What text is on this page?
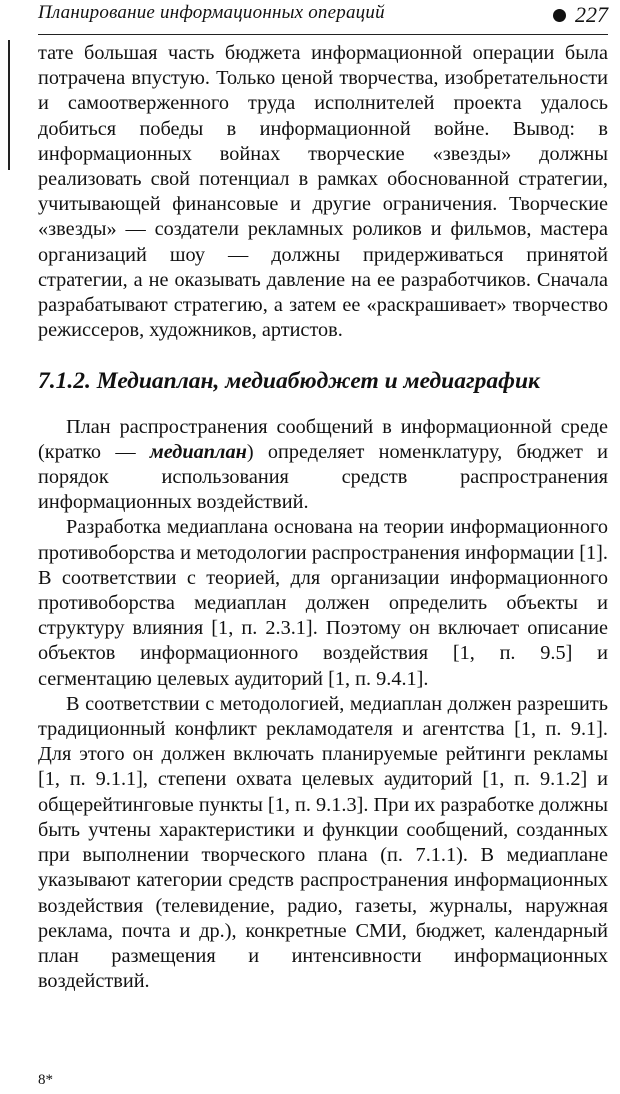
Планирование информационных операций	227

тате большая часть бюджета информационной операции была потрачена впустую. Только ценой творчества, изобретательности и самоотверженного труда исполнителей проекта удалось добиться победы в информационной войне. Вывод: в информационных войнах творческие «звезды» должны реализовать свой потенциал в рамках обоснованной стратегии, учитывающей финансовые и другие ограничения. Творческие «звезды» — создатели рекламных роликов и фильмов, мастера организаций шоу — должны придерживаться принятой стратегии, а не оказывать давление на ее разработчиков. Сначала разрабатывают стратегию, а затем ее «раскрашивает» творчество режиссеров, художников, артистов.

7.1.2. Медиаплан, медиабюджет и медиаграфик

План распространения сообщений в информационной среде (кратко — медиаплан) определяет номенклатуру, бюджет и порядок использования средств распространения информационных воздействий.

Разработка медиаплана основана на теории информационного противоборства и методологии распространения информации [1]. В соответствии с теорией, для организации информационного противоборства медиаплан должен определить объекты и структуру влияния [1, п. 2.3.1]. Поэтому он включает описание объектов информационного воздействия [1, п. 9.5] и сегментацию целевых аудиторий [1, п. 9.4.1].

В соответствии с методологией, медиаплан должен разрешить традиционный конфликт рекламодателя и агентства [1, п. 9.1]. Для этого он должен включать планируемые рейтинги рекламы [1, п. 9.1.1], степени охвата целевых аудиторий [1, п. 9.1.2] и общерейтинговые пункты [1, п. 9.1.3]. При их разработке должны быть учтены характеристики и функции сообщений, созданных при выполнении творческого плана (п. 7.1.1). В медиаплане указывают категории средств распространения информационных воздействия (телевидение, радио, газеты, журналы, наружная реклама, почта и др.), конкретные СМИ, бюджет, календарный план размещения и интенсивности информационных воздействий.

8*
